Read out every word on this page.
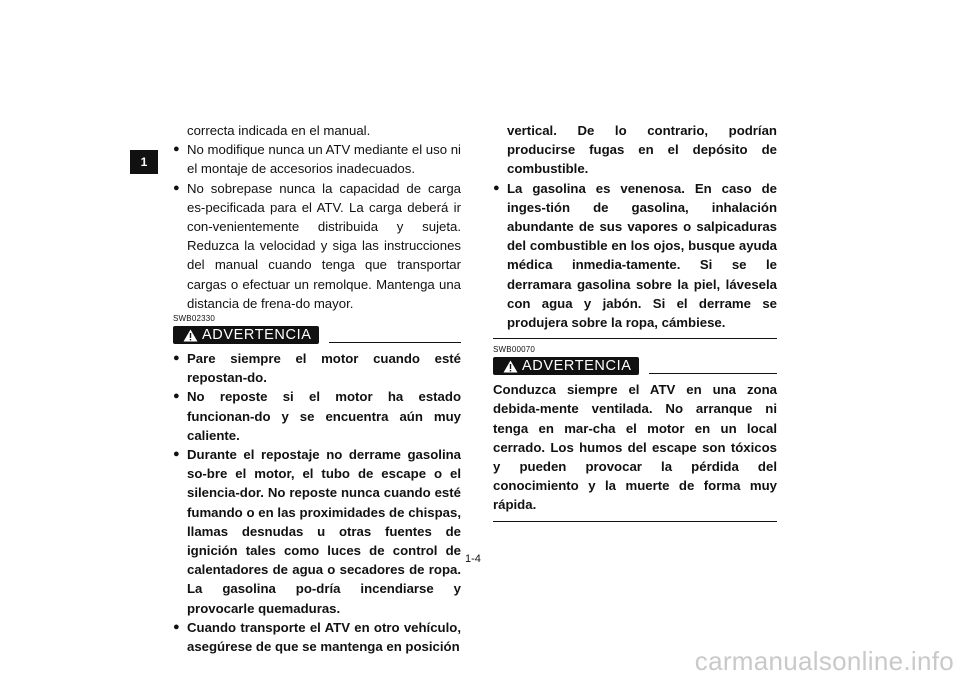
1

correcta indicada en el manual.

● No modifique nunca un ATV mediante el uso ni el montaje de accesorios inadecuados.
● No sobrepase nunca la capacidad de carga es-pecificada para el ATV. La carga deberá ir con-venientemente distribuida y sujeta. Reduzca la velocidad y siga las instrucciones del manual cuando tenga que transportar cargas o efectuar un remolque. Mantenga una distancia de frena-do mayor.
SWB02330
ADVERTENCIA
● Pare siempre el motor cuando esté repostan-do.
● No reposte si el motor ha estado funcionan-do y se encuentra aún muy caliente.
● Durante el repostaje no derrame gasolina so-bre el motor, el tubo de escape o el silencia-dor. No reposte nunca cuando esté fumando o en las proximidades de chispas, llamas desnudas u otras fuentes de ignición tales como luces de control de calentadores de agua o secadores de ropa. La gasolina po-dría incendiarse y provocarle quemaduras.
● Cuando transporte el ATV en otro vehículo, asegúrese de que se mantenga en posición

vertical. De lo contrario, podrían producirse fugas en el depósito de combustible.

● La gasolina es venenosa. En caso de inges-tión de gasolina, inhalación abundante de sus vapores o salpicaduras del combustible en los ojos, busque ayuda médica inmedia-tamente. Si se le derramara gasolina sobre la piel, lávesela con agua y jabón. Si el derrame se produjera sobre la ropa, cámbiese.
SWB00070
ADVERTENCIA

Conduzca siempre el ATV en una zona debida-mente ventilada. No arranque ni tenga en mar-cha el motor en un local cerrado. Los humos del escape son tóxicos y pueden provocar la pérdida del conocimiento y la muerte de forma muy rápida.

1-4
carmanualsonline.info
